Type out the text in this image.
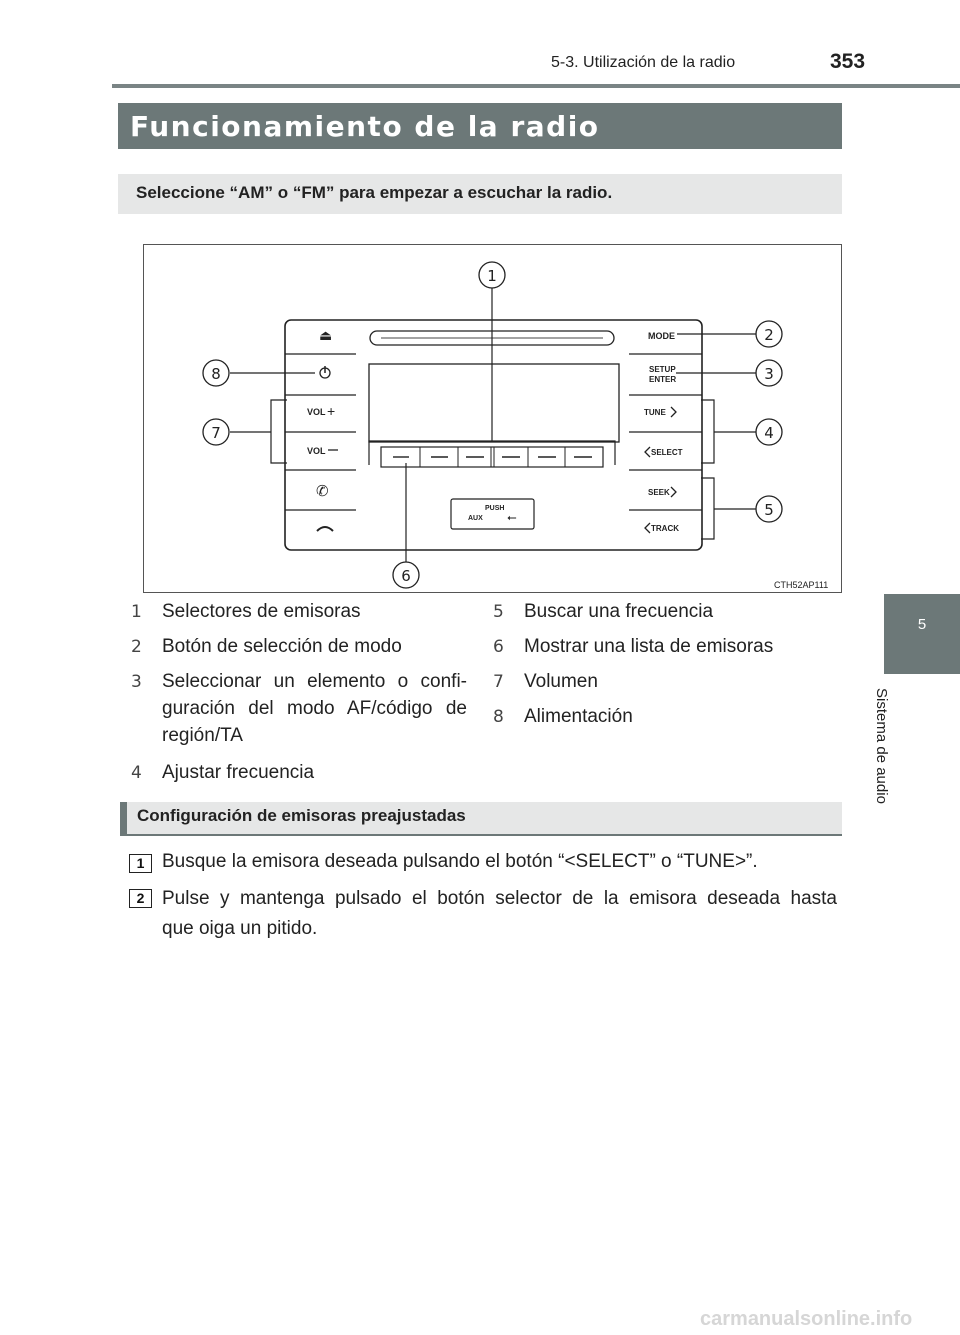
5-3. Utilización de la radio	353
5
Sistema de audio
Funcionamiento de la radio
Seleccione “AM” o “FM” para empezar a escuchar la radio.
PUSH
AUX ⭠
⏏
VOL +
VOL
✆
MODE
SETUP
ENTER
TUNE
SELECT
SEEK
TRACK
1
2
3
4
5
6
7
8
CTH52AP111
1 Selectores de emisoras
2 Botón de selección de modo
3 Seleccionar un elemento o confi-
guración del modo AF/código de
región/TA
4 Ajustar frecuencia
5 Buscar una frecuencia
6 Mostrar una lista de emisoras
7 Volumen
8 Alimentación
Configuración de emisoras preajustadas
1 Busque la emisora deseada pulsando el botón “<SELECT” o “TUNE>”.
2 Pulse y mantenga pulsado el botón selector de la emisora deseada hasta
que oiga un pitido.
carmanualsonline.info
